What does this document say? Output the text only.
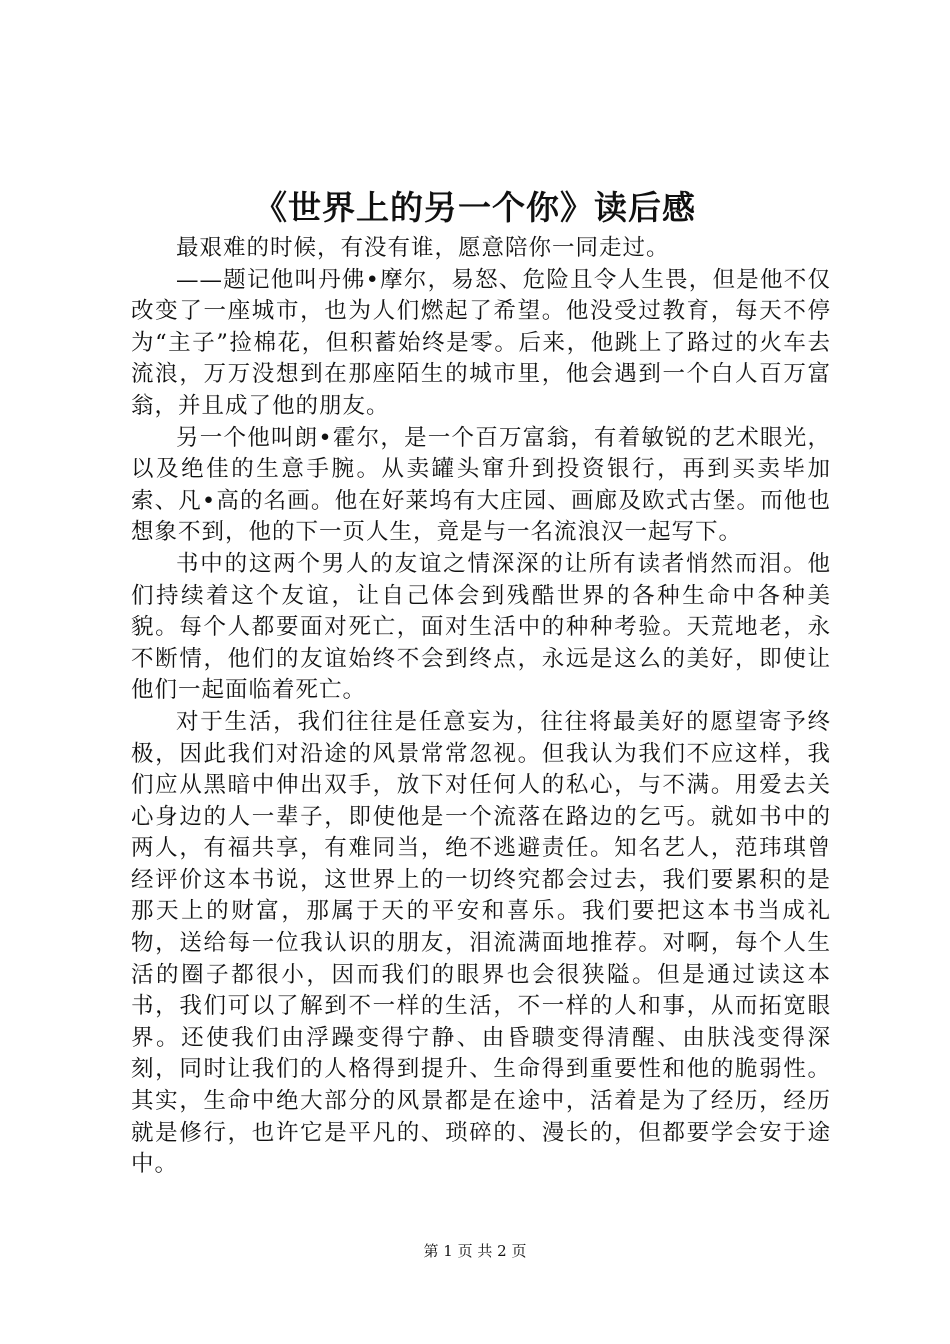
《世界上的另一个你》读后感

最艰难的时候，有没有谁，愿意陪你一同走过。

——题记他叫丹佛•摩尔，易怒、危险且令人生畏，但是他不仅改变了一座城市，也为人们燃起了希望。他没受过教育，每天不停为“主子”捡棉花，但积蓄始终是零。后来，他跳上了路过的火车去流浪，万万没想到在那座陌生的城市里，他会遇到一个白人百万富翁，并且成了他的朋友。

另一个他叫朗•霍尔，是一个百万富翁，有着敏锐的艺术眼光，以及绝佳的生意手腕。从卖罐头窜升到投资银行，再到买卖毕加索、凡•高的名画。他在好莱坞有大庄园、画廊及欧式古堡。而他也想象不到，他的下一页人生，竟是与一名流浪汉一起写下。

书中的这两个男人的友谊之情深深的让所有读者悄然而泪。他们持续着这个友谊，让自己体会到残酷世界的各种生命中各种美貌。每个人都要面对死亡，面对生活中的种种考验。天荒地老，永不断情，他们的友谊始终不会到终点，永远是这么的美好，即使让他们一起面临着死亡。

对于生活，我们往往是任意妄为，往往将最美好的愿望寄予终极，因此我们对沿途的风景常常忽视。但我认为我们不应这样，我们应从黑暗中伸出双手，放下对任何人的私心，与不满。用爱去关心身边的人一辈子，即使他是一个流落在路边的乞丐。就如书中的两人，有福共享，有难同当，绝不逃避责任。知名艺人，范玮琪曾经评价这本书说，这世界上的一切终究都会过去，我们要累积的是那天上的财富，那属于天的平安和喜乐。我们要把这本书当成礼物，送给每一位我认识的朋友，泪流满面地推荐。对啊，每个人生活的圈子都很小，因而我们的眼界也会很狭隘。但是通过读这本书，我们可以了解到不一样的生活，不一样的人和事，从而拓宽眼界。还使我们由浮躁变得宁静、由昏聩变得清醒、由肤浅变得深刻，同时让我们的人格得到提升、生命得到重要性和他的脆弱性。其实，生命中绝大部分的风景都是在途中，活着是为了经历，经历就是修行，也许它是平凡的、琐碎的、漫长的，但都要学会安于途中。

第 1 页 共 2 页
